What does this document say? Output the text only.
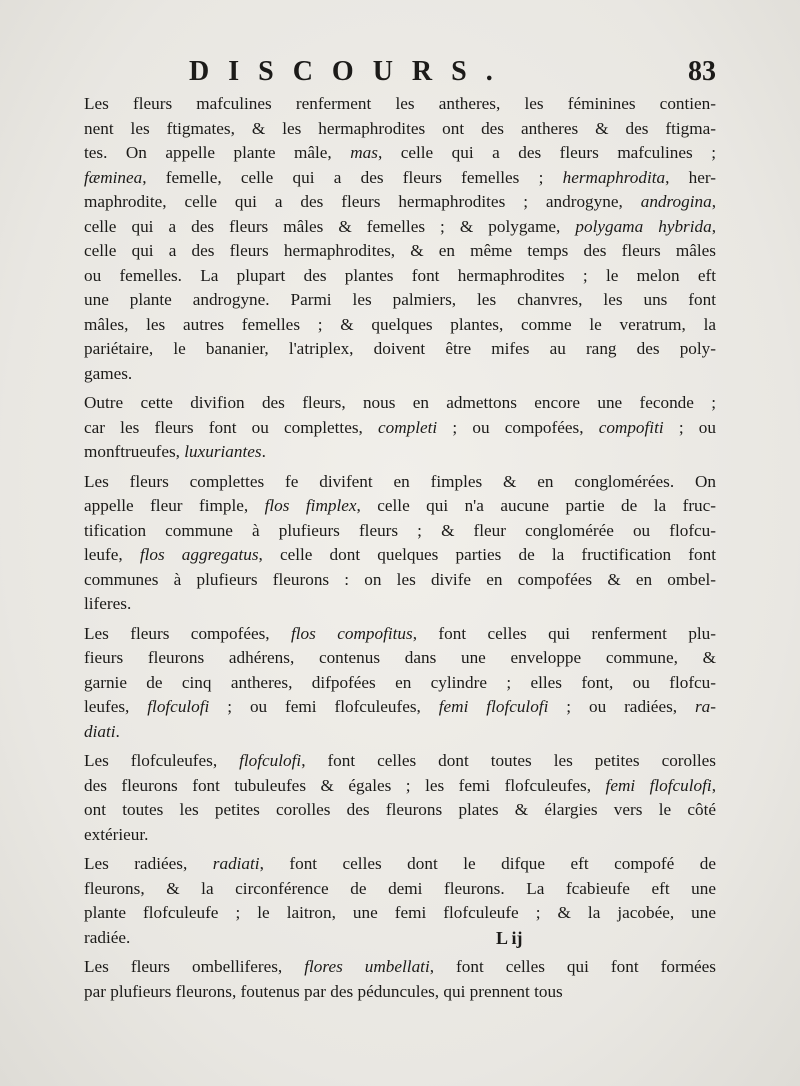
DISCOURS.	83
Les fleurs mafculines renferment les antheres, les féminines contien-
nent les ftigmates, & les hermaphrodites ont des antheres & des ftigma-
tes. On appelle plante mâle, mas, celle qui a des fleurs mafculines ;
fæminea, femelle, celle qui a des fleurs femelles ; hermaphrodita, her-
maphrodite, celle qui a des fleurs hermaphrodites ; androgyne, androgina,
celle qui a des fleurs mâles & femelles ; & polygame, polygama hybrida,
celle qui a des fleurs hermaphrodites, & en même temps des fleurs mâles
ou femelles. La plupart des plantes font hermaphrodites ; le melon eft
une plante androgyne. Parmi les palmiers, les chanvres, les uns font
mâles, les autres femelles ; & quelques plantes, comme le veratrum, la
pariétaire, le bananier, l'atriplex, doivent être mifes au rang des poly-
games.
Outre cette divifion des fleurs, nous en admettons encore une feconde ;
car les fleurs font ou complettes, completi ; ou compofées, compofiti ; ou
monftrueufes, luxuriantes.
Les fleurs complettes fe divifent en fimples & en conglomérées. On
appelle fleur fimple, flos fimplex, celle qui n'a aucune partie de la fruc-
tification commune à plufieurs fleurs ; & fleur conglomérée ou flofcu-
leufe, flos aggregatus, celle dont quelques parties de la fructification font
communes à plufieurs fleurons : on les divife en compofées & en ombel-
liferes.
Les fleurs compofées, flos compofitus, font celles qui renferment plu-
fieurs fleurons adhérens, contenus dans une enveloppe commune, &
garnie de cinq antheres, difpofées en cylindre ; elles font, ou flofcu-
leufes, flofculofi ; ou femi flofculeufes, femi flofculofi ; ou radiées, ra-
diati.
Les flofculeufes, flofculofi, font celles dont toutes les petites corolles
des fleurons font tubuleufes & égales ; les femi flofculeufes, femi flofculofi,
ont toutes les petites corolles des fleurons plates & élargies vers le côté
extérieur.
Les radiées, radiati, font celles dont le difque eft compofé de
fleurons, & la circonférence de demi fleurons. La fcabieufe eft une
plante flofculeufe ; le laitron, une femi flofculeufe ; & la jacobée, une
radiée.
Les fleurs ombelliferes, flores umbellati, font celles qui font formées
par plufieurs fleurons, foutenus par des péduncules, qui prennent tous
L ij
